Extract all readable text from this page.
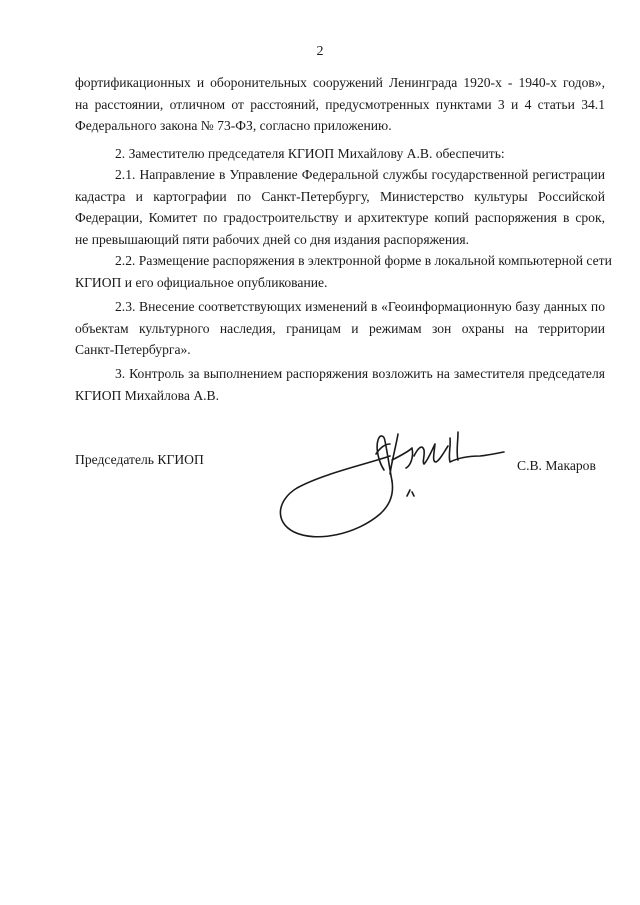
2
фортификационных и оборонительных сооружений Ленинграда 1920-х - 1940-х годов»,
на расстоянии, отличном от расстояний, предусмотренных пунктами 3 и 4 статьи 34.1
Федерального закона № 73-ФЗ, согласно приложению.

2. Заместителю председателя КГИОП Михайлову А.В. обеспечить:

2.1. Направление в Управление Федеральной службы государственной регистрации
кадастра и картографии по Санкт-Петербургу, Министерство культуры Российской
Федерации, Комитет по градостроительству и архитектуре копий распоряжения в срок,
не превышающий пяти рабочих дней со дня издания распоряжения.
2.2. Размещение распоряжения в электронной форме в локальной компьютерной сети
КГИОП и его официальное опубликование.
2.3. Внесение соответствующих изменений в «Геоинформационную базу данных по
объектам культурного наследия, границам и режимам зон охраны на территории
Санкт-Петербурга».
3. Контроль за выполнением распоряжения возложить на заместителя председателя
КГИОП Михайлова А.В.
Председатель КГИОП	С.В. Макаров
